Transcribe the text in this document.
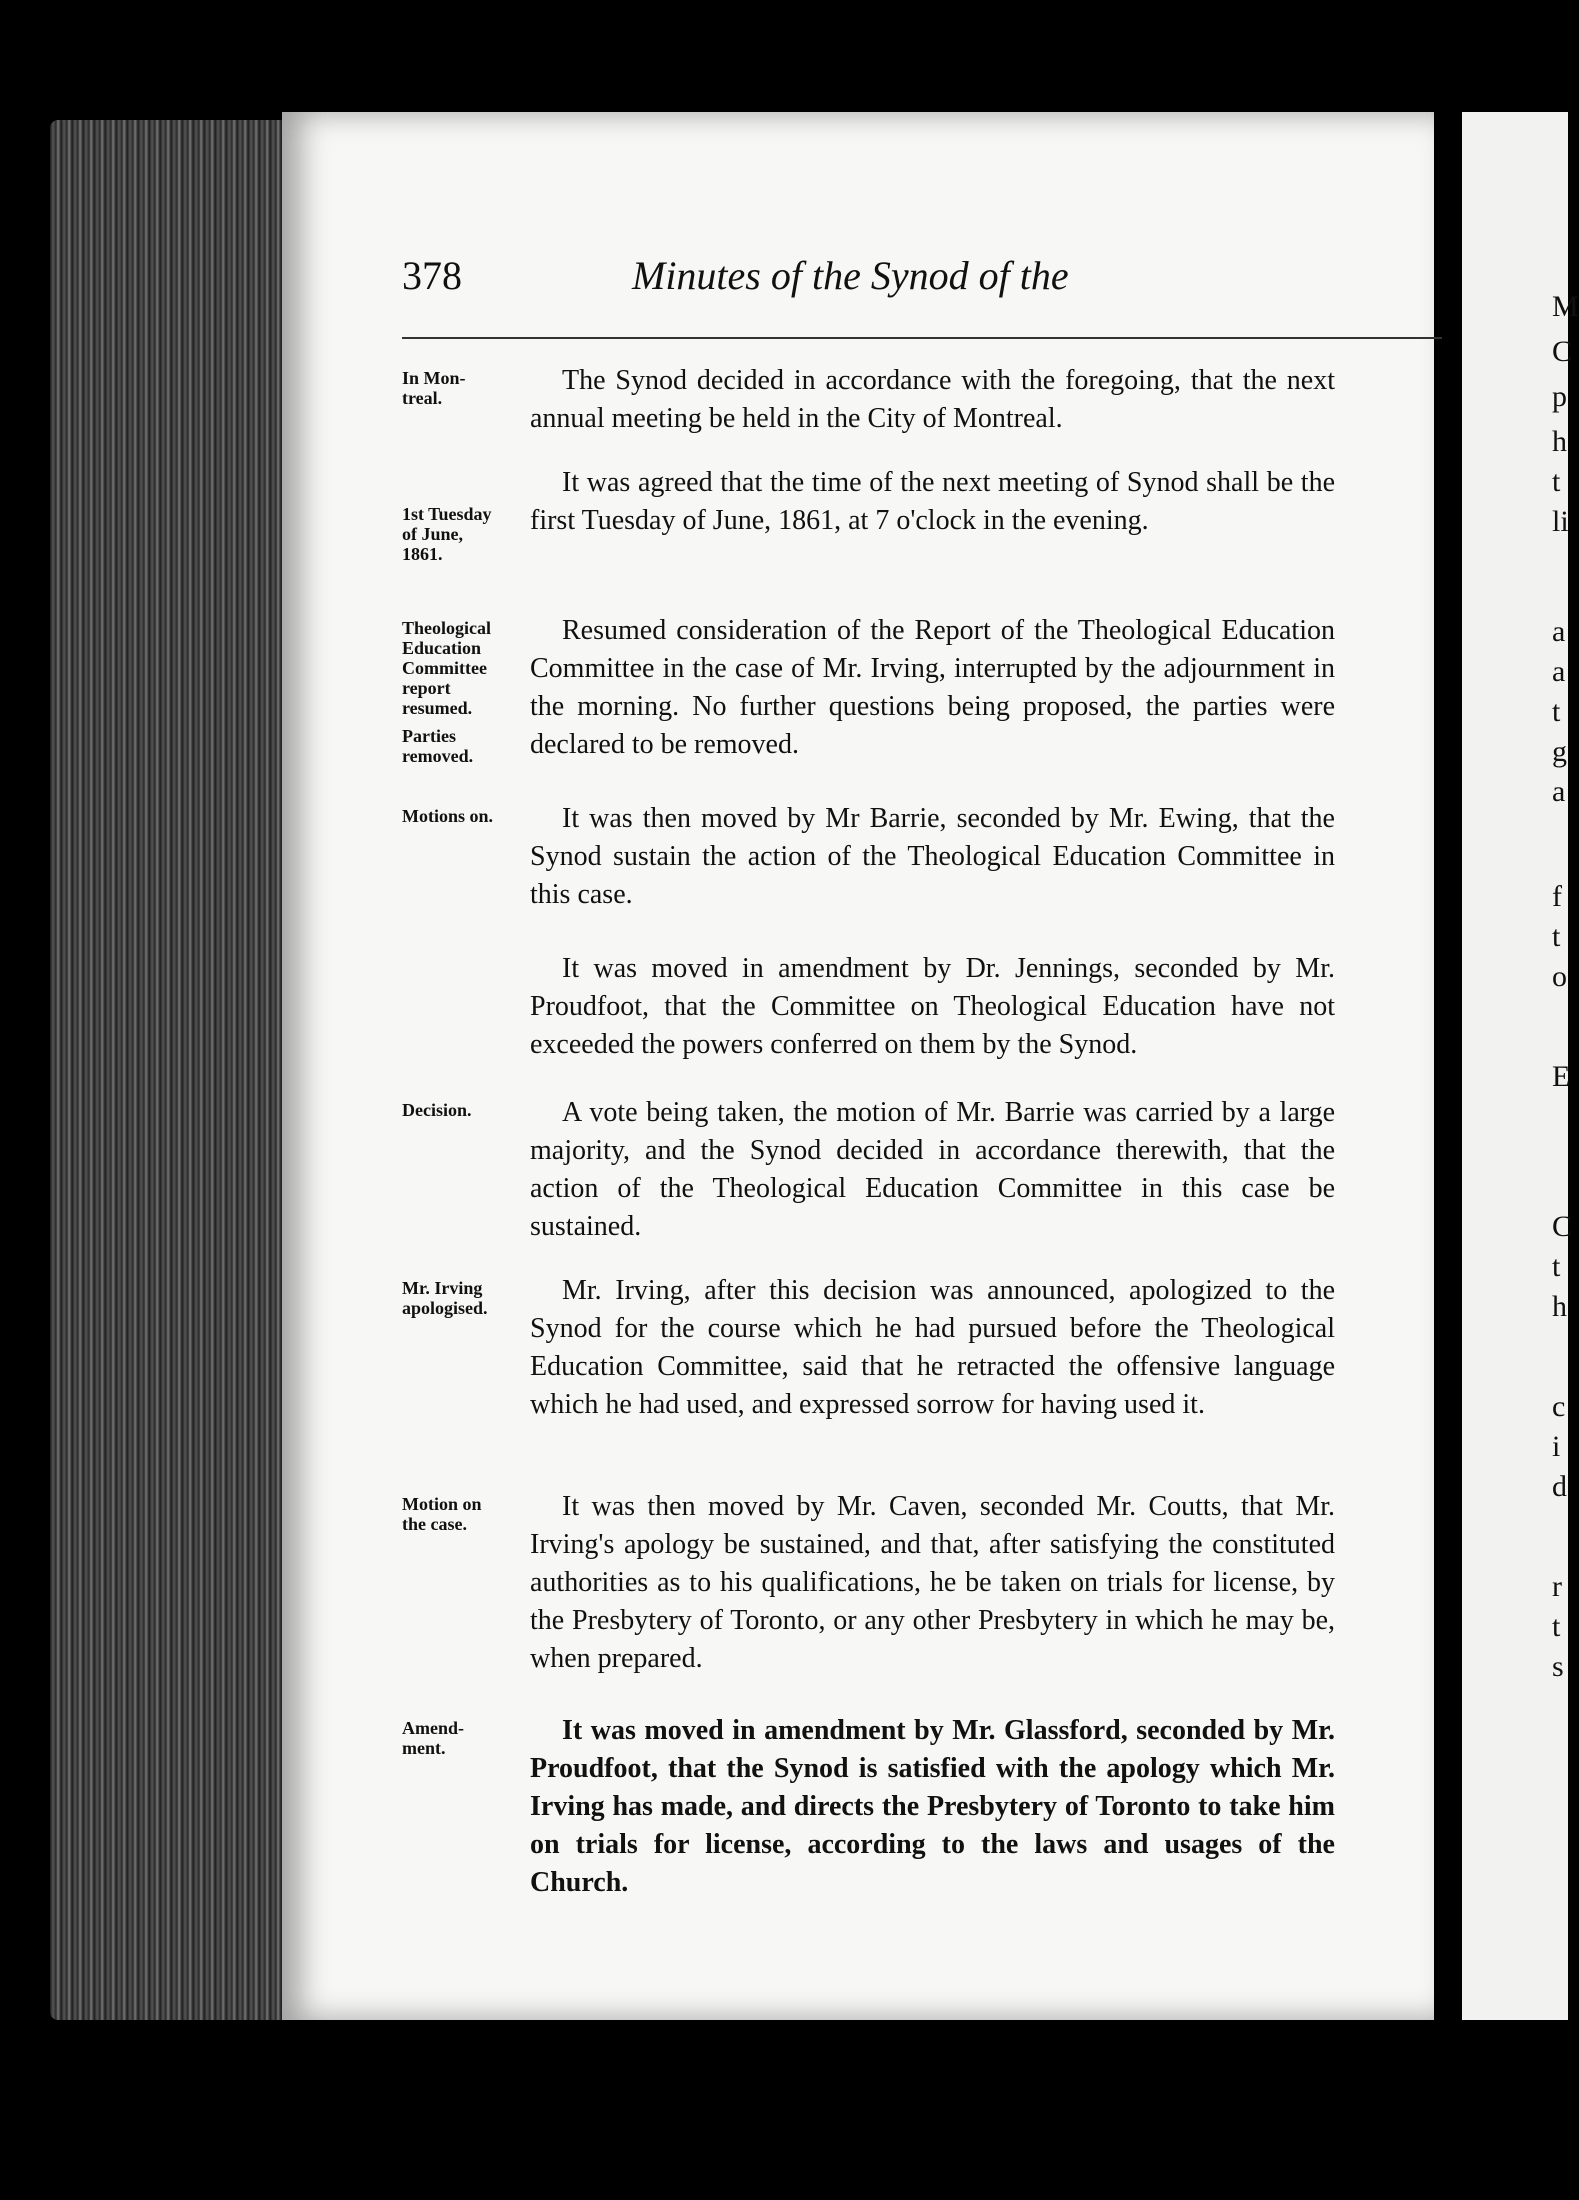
M
C
p
h
t
li
a
a
t
g
a
f
t
o
E
C
t
h
c
i
d
r
t
s
378	Minutes of the Synod of the
In Mon-
treal.

The Synod decided in accordance with the foregoing, that the next annual meeting be held in the City of Montreal.

1st Tuesday
of June,
1861.

It was agreed that the time of the next meeting of Synod shall be the first Tuesday of June, 1861, at 7 o'clock in the evening.

Theological
Education
Committee
report
resumed.
Parties
removed.

Resumed consideration of the Report of the Theological Education Committee in the case of Mr. Irving, interrupted by the adjournment in the morning. No further questions being proposed, the parties were declared to be removed.

Motions on.	It was then moved by Mr Barrie, seconded by Mr. Ewing, that the Synod sustain the action of the Theological Education Committee in this case.

It was moved in amendment by Dr. Jennings, seconded by Mr. Proudfoot, that the Committee on Theological Education have not exceeded the powers conferred on them by the Synod.

Decision.	A vote being taken, the motion of Mr. Barrie was carried by a large majority, and the Synod decided in accordance therewith, that the action of the Theological Education Committee in this case be sustained.

Mr. Irving
apologised.

Mr. Irving, after this decision was announced, apologized to the Synod for the course which he had pursued before the Theological Education Committee, said that he retracted the offensive language which he had used, and expressed sorrow for having used it.

Motion on
the case.

It was then moved by Mr. Caven, seconded Mr. Coutts, that Mr. Irving's apology be sustained, and that, after satisfying the constituted authorities as to his qualifications, he be taken on trials for license, by the Presbytery of Toronto, or any other Presbytery in which he may be, when prepared.

Amend-
ment.

It was moved in amendment by Mr. Glassford, seconded by Mr. Proudfoot, that the Synod is satisfied with the apology which Mr. Irving has made, and directs the Presbytery of Toronto to take him on trials for license, according to the laws and usages of the Church.
